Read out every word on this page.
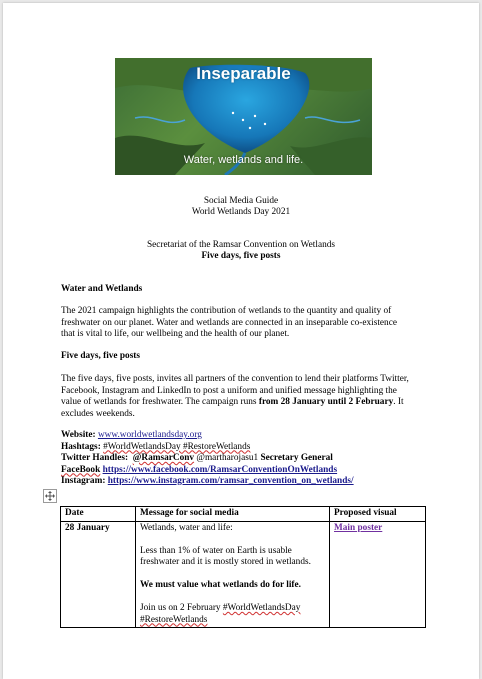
Inseparable
Water, wetlands and life.
Social Media Guide
World Wetlands Day 2021
Secretariat of the Ramsar Convention on Wetlands
Five days, five posts
Water and Wetlands
The 2021 campaign highlights the contribution of wetlands to the quantity and quality of
freshwater on our planet. Water and wetlands are connected in an inseparable co-existence
that is vital to life, our wellbeing and the health of our planet.
Five days, five posts
The five days, five posts, invites all partners of the convention to lend their platforms Twitter,
Facebook, Instagram and LinkedIn to post a uniform and unified message highlighting the
value of wetlands for freshwater. The campaign runs from 28 January until 2 February. It
excludes weekends.
Website: www.worldwetlandsday.org
Hashtags: #WorldWetlandsDay #RestoreWetlands
Twitter Handles:  @RamsarConv @martharojasu1 Secretary General
FaceBook https://www.facebook.com/RamsarConventionOnWetlands
Instagram: https://www.instagram.com/ramsar_convention_on_wetlands/
Date	Message for social media	Proposed visual
28 January	Wetlands, water and life:

Less than 1% of water on Earth is usable freshwater and it is mostly stored in wetlands.

We must value what wetlands do for life.

Join us on 2 February #WorldWetlandsDay
#RestoreWetlands	Main poster
